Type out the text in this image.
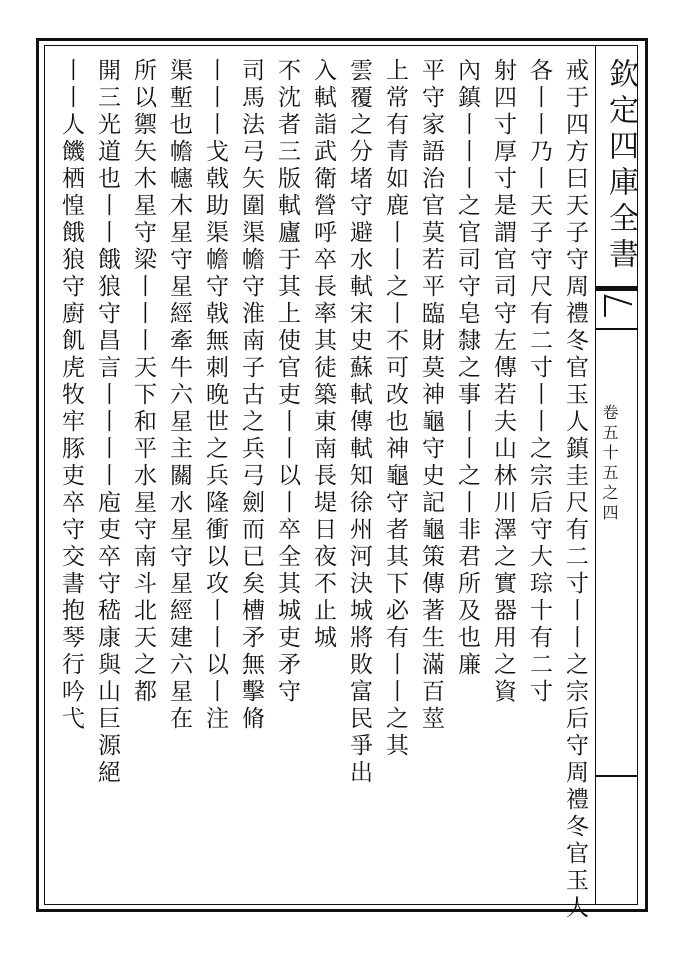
欽定四庫全書
卷五十五之四
戒于四方曰天子守周禮冬官玉人鎮圭尺有二寸丨丨之宗后守周禮冬官玉人
各丨丨乃丨天子守尺有二寸丨丨之宗后守大琮十有二寸
射四寸厚寸是謂官司守左傳若夫山林川澤之實器用之資
內鎮丨丨丨之官司守皂隸之事丨丨之丨非君所及也廉
平守家語治官莫若平臨財莫神龜守史記龜策傳著生滿百莖
上常有青如鹿丨丨之丨不可改也神龜守者其下必有丨丨之其
雲覆之分堵守避水軾宋史蘇軾傳軾知徐州河決城將敗富民爭出
入軾詣武衛營呼卒長率其徒築東南長堤日夜不止城
不沈者三版軾廬于其上使官吏丨丨以丨卒全其城吏矛守
司馬法弓矢圍渠幨守淮南子古之兵弓劍而已矣槽矛無擊脩
丨丨丨戈戟助渠幨守戟無刺晚世之兵隆衝以攻丨丨以丨注
渠塹也幨幰木星守星經牽牛六星主關水星守星經建六星在
所以禦矢木星守梁丨丨丨天下和平水星守南斗北天之都
開三光道也丨丨餓狼守昌言丨丨丨丨庖吏卒守嵇康與山巨源絕
丨丨人饑栖惶餓狼守廚飢虎牧牢豚吏卒守交書抱琴行吟弋
